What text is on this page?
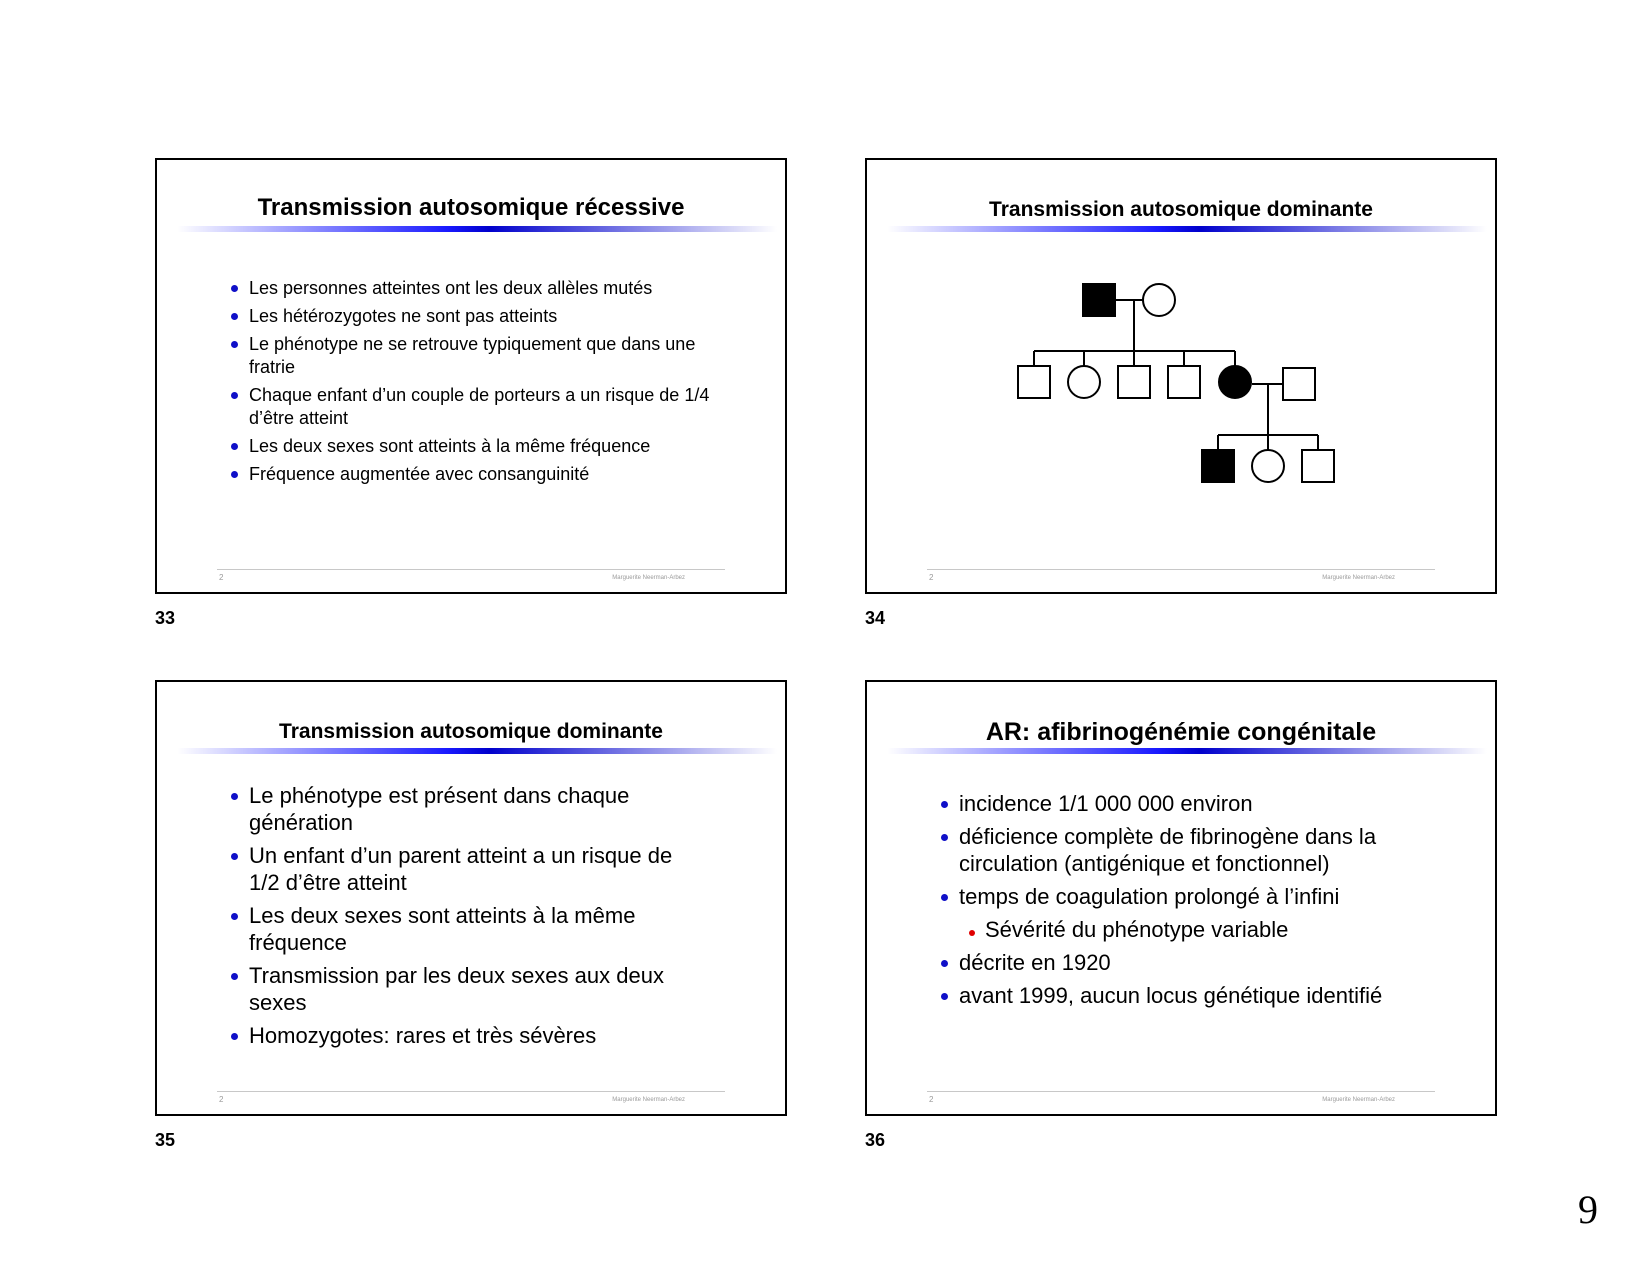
Transmission autosomique récessive
Les personnes atteintes ont les deux allèles mutés
Les hétérozygotes ne sont pas atteints
Le phénotype ne se retrouve typiquement que dans une fratrie
Chaque enfant d’un couple de porteurs a un risque de 1/4 d’être atteint
Les deux sexes sont atteints à la même fréquence
Fréquence augmentée avec consanguinité
2	Marguerite Neerman-Arbez
33
Transmission autosomique dominante
2	Marguerite Neerman-Arbez
34
Transmission autosomique dominante
Le phénotype est présent dans chaque génération
Un enfant d’un parent atteint a un risque de 1/2 d’être atteint
Les deux sexes sont atteints à la même fréquence
Transmission par les deux sexes aux deux sexes
Homozygotes: rares et très sévères
2	Marguerite Neerman-Arbez
35
AR: afibrinogénémie congénitale
incidence 1/1 000 000 environ
déficience complète de fibrinogène dans la circulation (antigénique et fonctionnel)
temps de coagulation prolongé à l’infini
Sévérité du phénotype variable
décrite en 1920
avant 1999, aucun locus génétique identifié
2	Marguerite Neerman-Arbez
36
9
